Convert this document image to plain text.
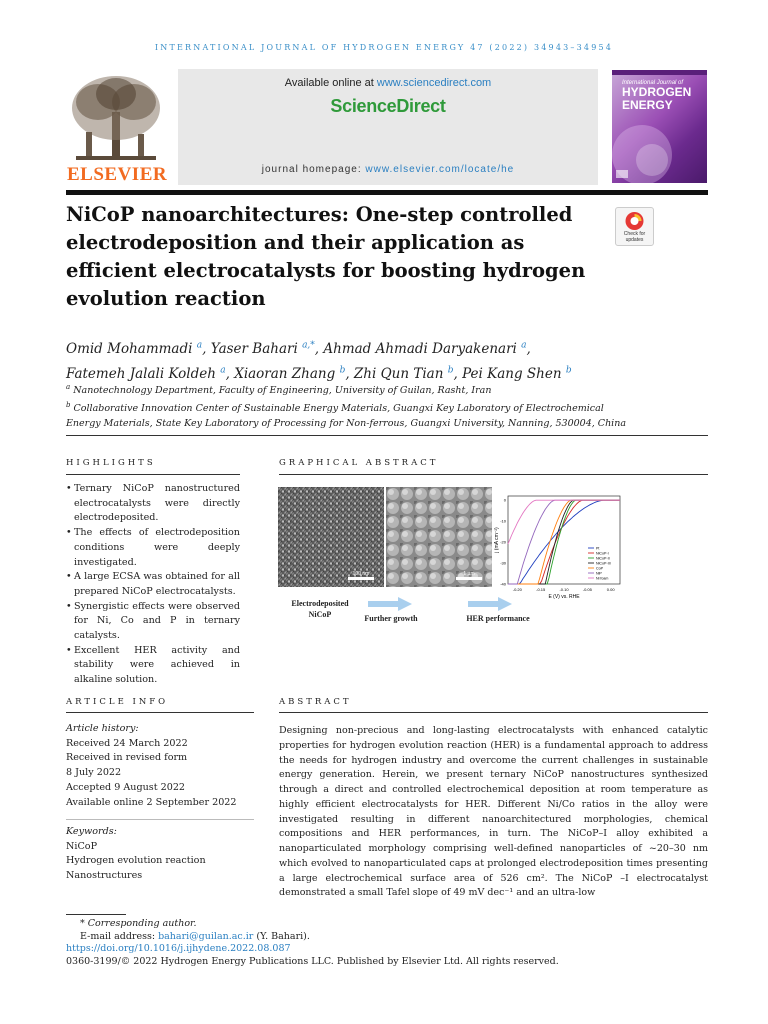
INTERNATIONAL JOURNAL OF HYDROGEN ENERGY 47 (2022) 34943–34954
ELSEVIER
Available online at www.sciencedirect.com
ScienceDirect
journal homepage: www.elsevier.com/locate/he
International Journal of
HYDROGEN
ENERGY
NiCoP nanoarchitectures: One-step controlled electrodeposition and their application as efficient electrocatalysts for boosting hydrogen evolution reaction
Check for
updates
Omid Mohammadi $^a$, Yaser Bahari $^{a,*}$, Ahmad Ahmadi Daryakenari $^a$,
Fatemeh Jalali Koldeh $^a$, Xiaoran Zhang $^b$, Zhi Qun Tian $^b$, Pei Kang Shen $^b$
$^a$ Nanotechnology Department, Faculty of Engineering, University of Guilan, Rasht, Iran
$^b$ Collaborative Innovation Center of Sustainable Energy Materials, Guangxi Key Laboratory of Electrochemical
Energy Materials, State Key Laboratory of Processing for Non-ferrous, Guangxi University, Nanning, 530004, China
HIGHLIGHTS
• Ternary NiCoP nanostructured electrocatalysts were directly electrodeposited.
• The effects of electrodeposition conditions were deeply investigated.
• A large ECSA was obtained for all prepared NiCoP electrocatalysts.
• Synergistic effects were observed for Ni, Co and P in ternary catalysts.
• Excellent HER activity and stability were achieved in alkaline solution.
GRAPHICAL ABSTRACT
100 nm	1 µm
-0.20	-0.15	-0.10	-0.05	0.00
0
-10
-20
-30
-40
Pt
NiCoP-I
NiCoP-II
NiCoP-III
CoP
NiP
Ni foam
E (V) vs. RHE
j (mA cm⁻²)
Electrodeposited
NiCoP	Further growth	HER performance
ARTICLE INFO
Article history:
Received 24 March 2022
Received in revised form
8 July 2022
Accepted 9 August 2022
Available online 2 September 2022
Keywords:
NiCoP
Hydrogen evolution reaction
Nanostructures
ABSTRACT
Designing non-precious and long-lasting electrocatalysts with enhanced catalytic properties for hydrogen evolution reaction (HER) is a fundamental approach to address the needs for hydrogen industry and overcome the current challenges in sustainable energy generation. Herein, we present ternary NiCoP nanostructures synthesized through a direct and controlled electrochemical deposition at room temperature as highly efficient electrocatalysts for HER. Different Ni/Co ratios in the alloy were investigated resulting in different nanoarchitectured morphologies, chemical compositions and HER performances, in turn. The NiCoP–I alloy exhibited a nanoparticulated morphology comprising well-defined nanoparticles of ~20–30 nm which evolved to nanoparticulated caps at prolonged electrodeposition times presenting a large electrochemical surface area of 526 cm². The NiCoP –I electrocatalyst demonstrated a small Tafel slope of 49 mV dec⁻¹ and an ultra-low
* Corresponding author.
E-mail address: bahari@guilan.ac.ir (Y. Bahari).
https://doi.org/10.1016/j.ijhydene.2022.08.087
0360-3199/© 2022 Hydrogen Energy Publications LLC. Published by Elsevier Ltd. All rights reserved.
